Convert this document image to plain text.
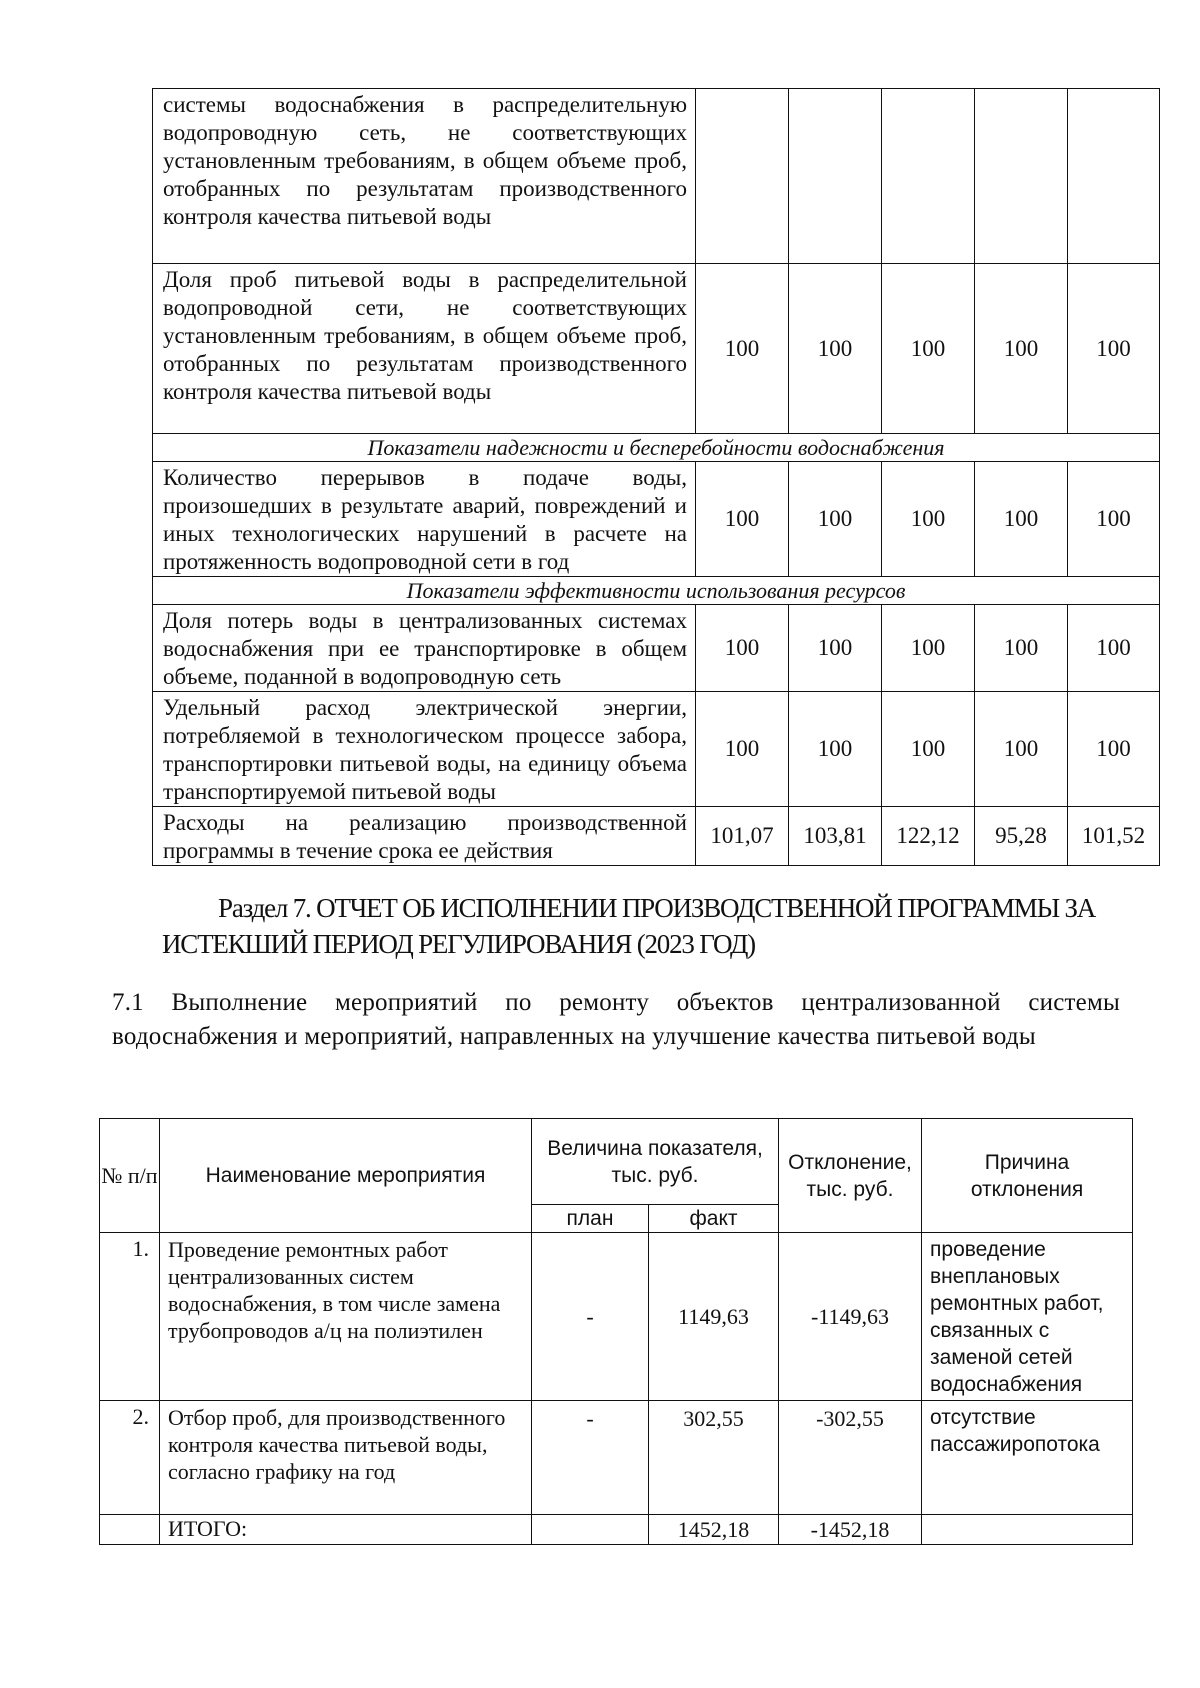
системы водоснабжения в распределительную водопроводную сеть, не соответствующих установленным требованиям, в общем объеме проб, отобранных по результатам производственного контроля качества питьевой воды					
Доля проб питьевой воды в распределительной водопроводной сети, не соответствующих установленным требованиям, в общем объеме проб, отобранных по результатам производственного контроля качества питьевой воды	100	100	100	100	100
Показатели надежности и бесперебойности водоснабжения					
Количество перерывов в подаче воды, произошедших в результате аварий, повреждений и иных технологических нарушений в расчете на протяженность водопроводной сети в год	100	100	100	100	100
Показатели эффективности использования ресурсов					
Доля потерь воды в централизованных системах водоснабжения при ее транспортировке в общем объеме, поданной в водопроводную сеть	100	100	100	100	100
Удельный расход электрической энергии, потребляемой в технологическом процессе забора, транспортировки питьевой воды, на единицу объема транспортируемой питьевой воды	100	100	100	100	100
Расходы на реализацию производственной программы в течение срока ее действия	101,07	103,81	122,12	95,28	101,52
Раздел 7. ОТЧЕТ ОБ ИСПОЛНЕНИИ ПРОИЗВОДСТВЕННОЙ ПРОГРАММЫ ЗА
ИСТЕКШИЙ ПЕРИОД РЕГУЛИРОВАНИЯ (2023 ГОД)
7.1 Выполнение мероприятий по ремонту объектов централизованной системы водоснабжения и мероприятий, направленных на улучшение качества питьевой воды
№ п/п	Наименование мероприятия	Величина показателя, тыс. руб.		Отклонение, тыс. руб.	Причина отклонения
		план	факт		
1.	Проведение ремонтных работ централизованных систем водоснабжения, в том числе замена трубопроводов а/ц на полиэтилен	-	1149,63	-1149,63	проведение внеплановых ремонтных работ, связанных с заменой сетей водоснабжения
2.	Отбор проб, для производственного контроля качества питьевой воды, согласно графику на год	-	302,55	-302,55	отсутствие пассажиропотока
	ИТОГО:		1452,18	-1452,18	
